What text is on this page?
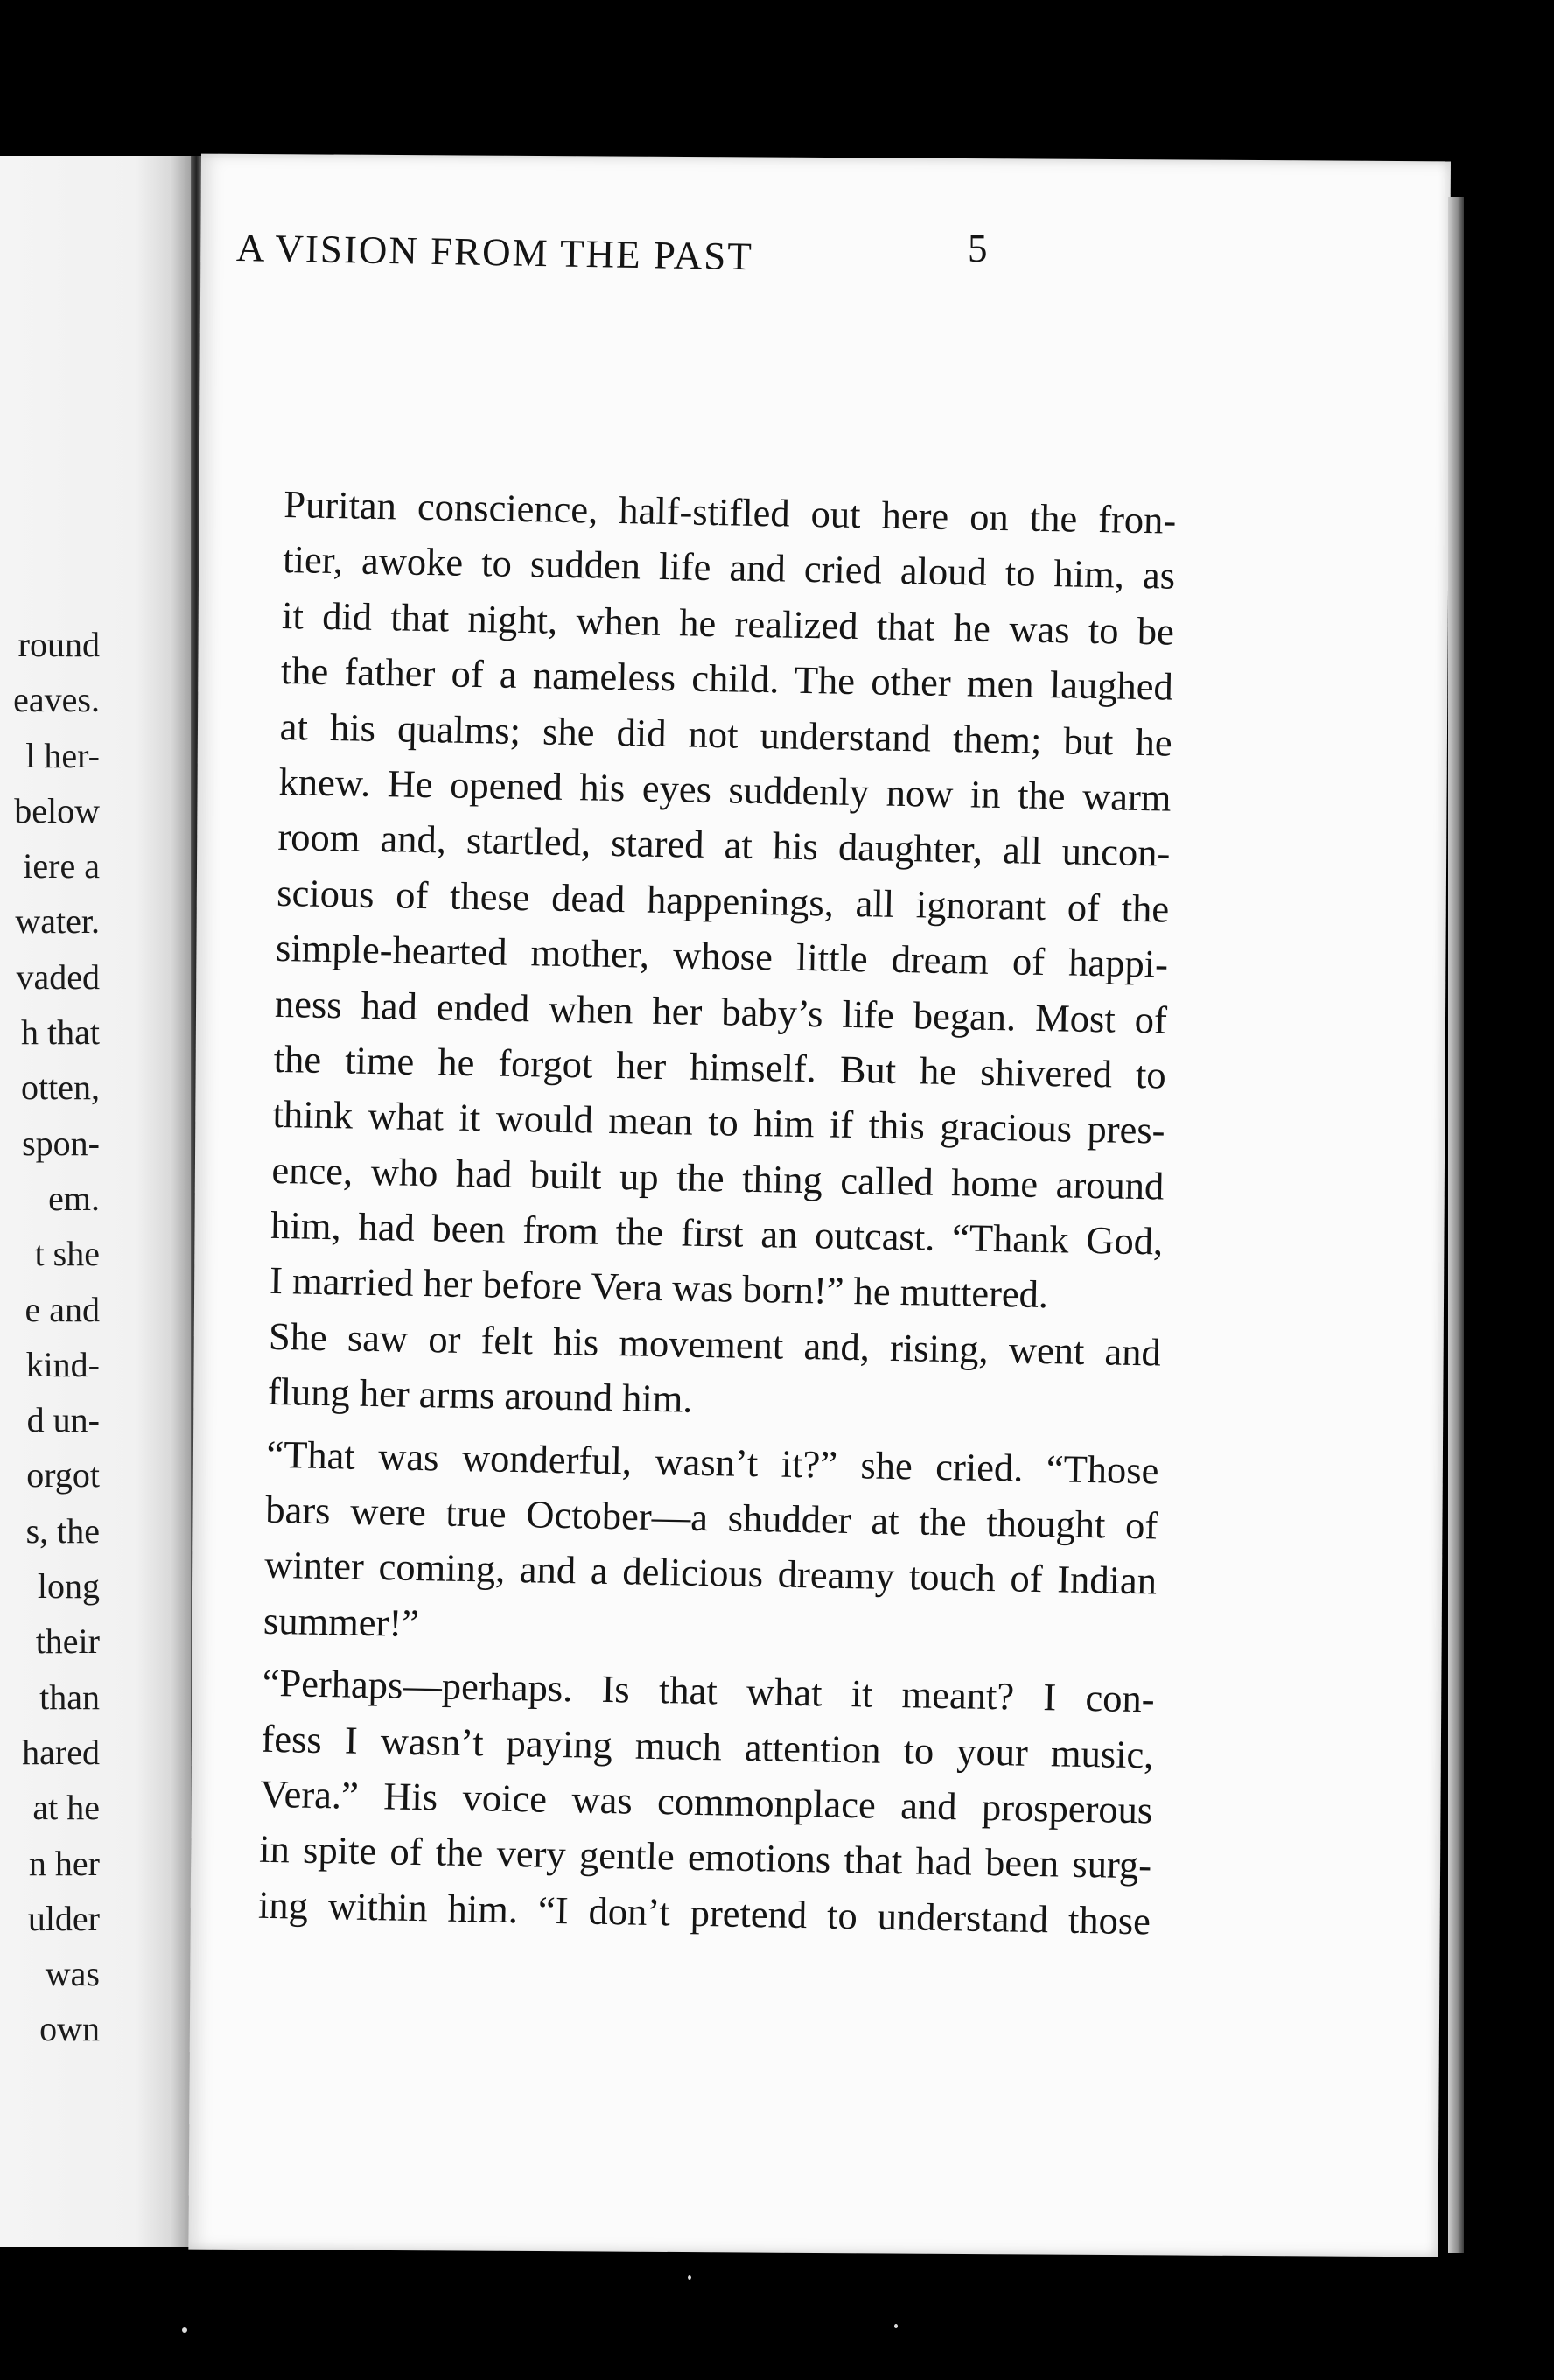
round
eaves.
l her-
below
iere a
water.
vaded
h that
otten,
spon-
em.
t she
e and
kind-
d un-
orgot
s, the
long
their
than
hared
at he
n her
ulder
was
own
A VISION FROM THE PAST	5
Puritan conscience, half-stifled out here on the fron-
tier, awoke to sudden life and cried aloud to him, as
it did that night, when he realized that he was to be
the father of a nameless child. The other men laughed
at his qualms; she did not understand them; but he
knew. He opened his eyes suddenly now in the warm
room and, startled, stared at his daughter, all uncon-
scious of these dead happenings, all ignorant of the
simple-hearted mother, whose little dream of happi-
ness had ended when her baby’s life began. Most of
the time he forgot her himself. But he shivered to
think what it would mean to him if this gracious pres-
ence, who had built up the thing called home around
him, had been from the first an outcast. “Thank God,
I married her before Vera was born!” he muttered.
She saw or felt his movement and, rising, went and
flung her arms around him.
“That was wonderful, wasn’t it?” she cried. “Those
bars were true October—a shudder at the thought of
winter coming, and a delicious dreamy touch of Indian
summer!”
“Perhaps—perhaps. Is that what it meant? I con-
fess I wasn’t paying much attention to your music,
Vera.” His voice was commonplace and prosperous
in spite of the very gentle emotions that had been surg-
ing within him. “I don’t pretend to understand those
